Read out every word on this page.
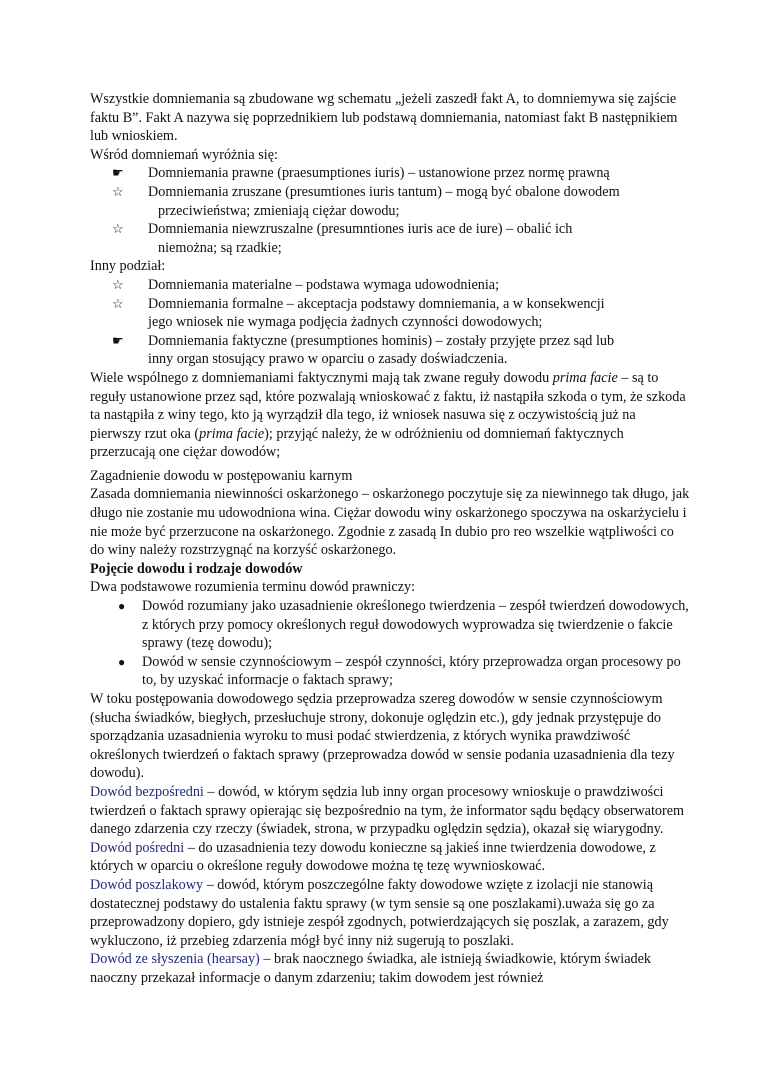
Wszystkie domniemania są zbudowane wg schematu „jeżeli zaszedł fakt A, to domniemywa się zajście faktu B”. Fakt A nazywa się poprzednikiem lub podstawą domniemania, natomiast fakt B następnikiem lub wnioskiem.

Wśród domniemań wyróżnia się:

☛ Domniemania prawne (praesumptiones iuris) – ustanowione przez normę prawną
☆ Domniemania zruszane (presumtiones iuris tantum) – mogą być obalone dowodem
przeciwieństwa; zmieniają ciężar dowodu;
☆ Domniemania niewzruszalne (presumntiones iuris ace de iure) – obalić ich
niemożna; są rzadkie;

Inny podział:

☆ Domniemania materialne – podstawa wymaga udowodnienia;
☆ Domniemania formalne – akceptacja podstawy domniemania, a w konsekwencji
jego wniosek nie wymaga podjęcia żadnych czynności dowodowych;
☛ Domniemania faktyczne (presumptiones hominis) – zostały przyjęte przez sąd lub
inny organ stosujący prawo w oparciu o zasady doświadczenia.

Wiele wspólnego z domniemaniami faktycznymi mają tak zwane reguły dowodu prima facie – są to reguły ustanowione przez sąd, które pozwalają wnioskować z faktu, iż nastąpiła szkoda o tym, że szkoda ta nastąpiła z winy tego, kto ją wyrządził dla tego, iż wniosek nasuwa się z oczywistością już na pierwszy rzut oka (prima facie); przyjąć należy, że w odróżnieniu od domniemań faktycznych przerzucają one ciężar dowodów;

Zagadnienie dowodu w postępowaniu karnym

Zasada domniemania niewinności oskarżonego – oskarżonego poczytuje się za niewinnego tak długo, jak długo nie zostanie mu udowodniona wina. Ciężar dowodu winy oskarżonego spoczywa na oskarżycielu i nie może być przerzucone na oskarżonego. Zgodnie z zasadą In dubio pro reo wszelkie wątpliwości co do winy należy rozstrzygnąć na korzyść oskarżonego.

Pojęcie dowodu i rodzaje dowodów

Dwa podstawowe rozumienia terminu dowód prawniczy:

● Dowód rozumiany jako uzasadnienie określonego twierdzenia – zespół twierdzeń dowodowych, z których przy pomocy określonych reguł dowodowych wyprowadza się twierdzenie o fakcie sprawy (tezę dowodu);
● Dowód w sensie czynnościowym – zespół czynności, który przeprowadza organ procesowy po to, by uzyskać informacje o faktach sprawy;

W toku postępowania dowodowego sędzia przeprowadza szereg dowodów w sensie czynnościowym (słucha świadków, biegłych, przesłuchuje strony, dokonuje oględzin etc.), gdy jednak przystępuje do sporządzania uzasadnienia wyroku to musi podać stwierdzenia, z których wynika prawdziwość określonych twierdzeń o faktach sprawy (przeprowadza dowód w sensie podania uzasadnienia dla tezy dowodu).

Dowód bezpośredni – dowód, w którym sędzia lub inny organ procesowy wnioskuje o prawdziwości twierdzeń o faktach sprawy opierając się bezpośrednio na tym, że informator sądu będący obserwatorem danego zdarzenia czy rzeczy (świadek, strona, w przypadku oględzin sędzia), okazał się wiarygodny.

Dowód pośredni – do uzasadnienia tezy dowodu konieczne są jakieś inne twierdzenia dowodowe, z których w oparciu o określone reguły dowodowe można tę tezę wywnioskować.

Dowód poszlakowy – dowód, którym poszczególne fakty dowodowe wzięte z izolacji nie stanowią dostatecznej podstawy do ustalenia faktu sprawy (w tym sensie są one poszlakami).uważa się go za przeprowadzony dopiero, gdy istnieje zespół zgodnych, potwierdzających się poszlak, a zarazem, gdy wykluczono, iż przebieg zdarzenia mógł być inny niż sugerują to poszlaki.

Dowód ze słyszenia (hearsay) – brak naocznego świadka, ale istnieją świadkowie, którym świadek naoczny przekazał informacje o danym zdarzeniu; takim dowodem jest również
